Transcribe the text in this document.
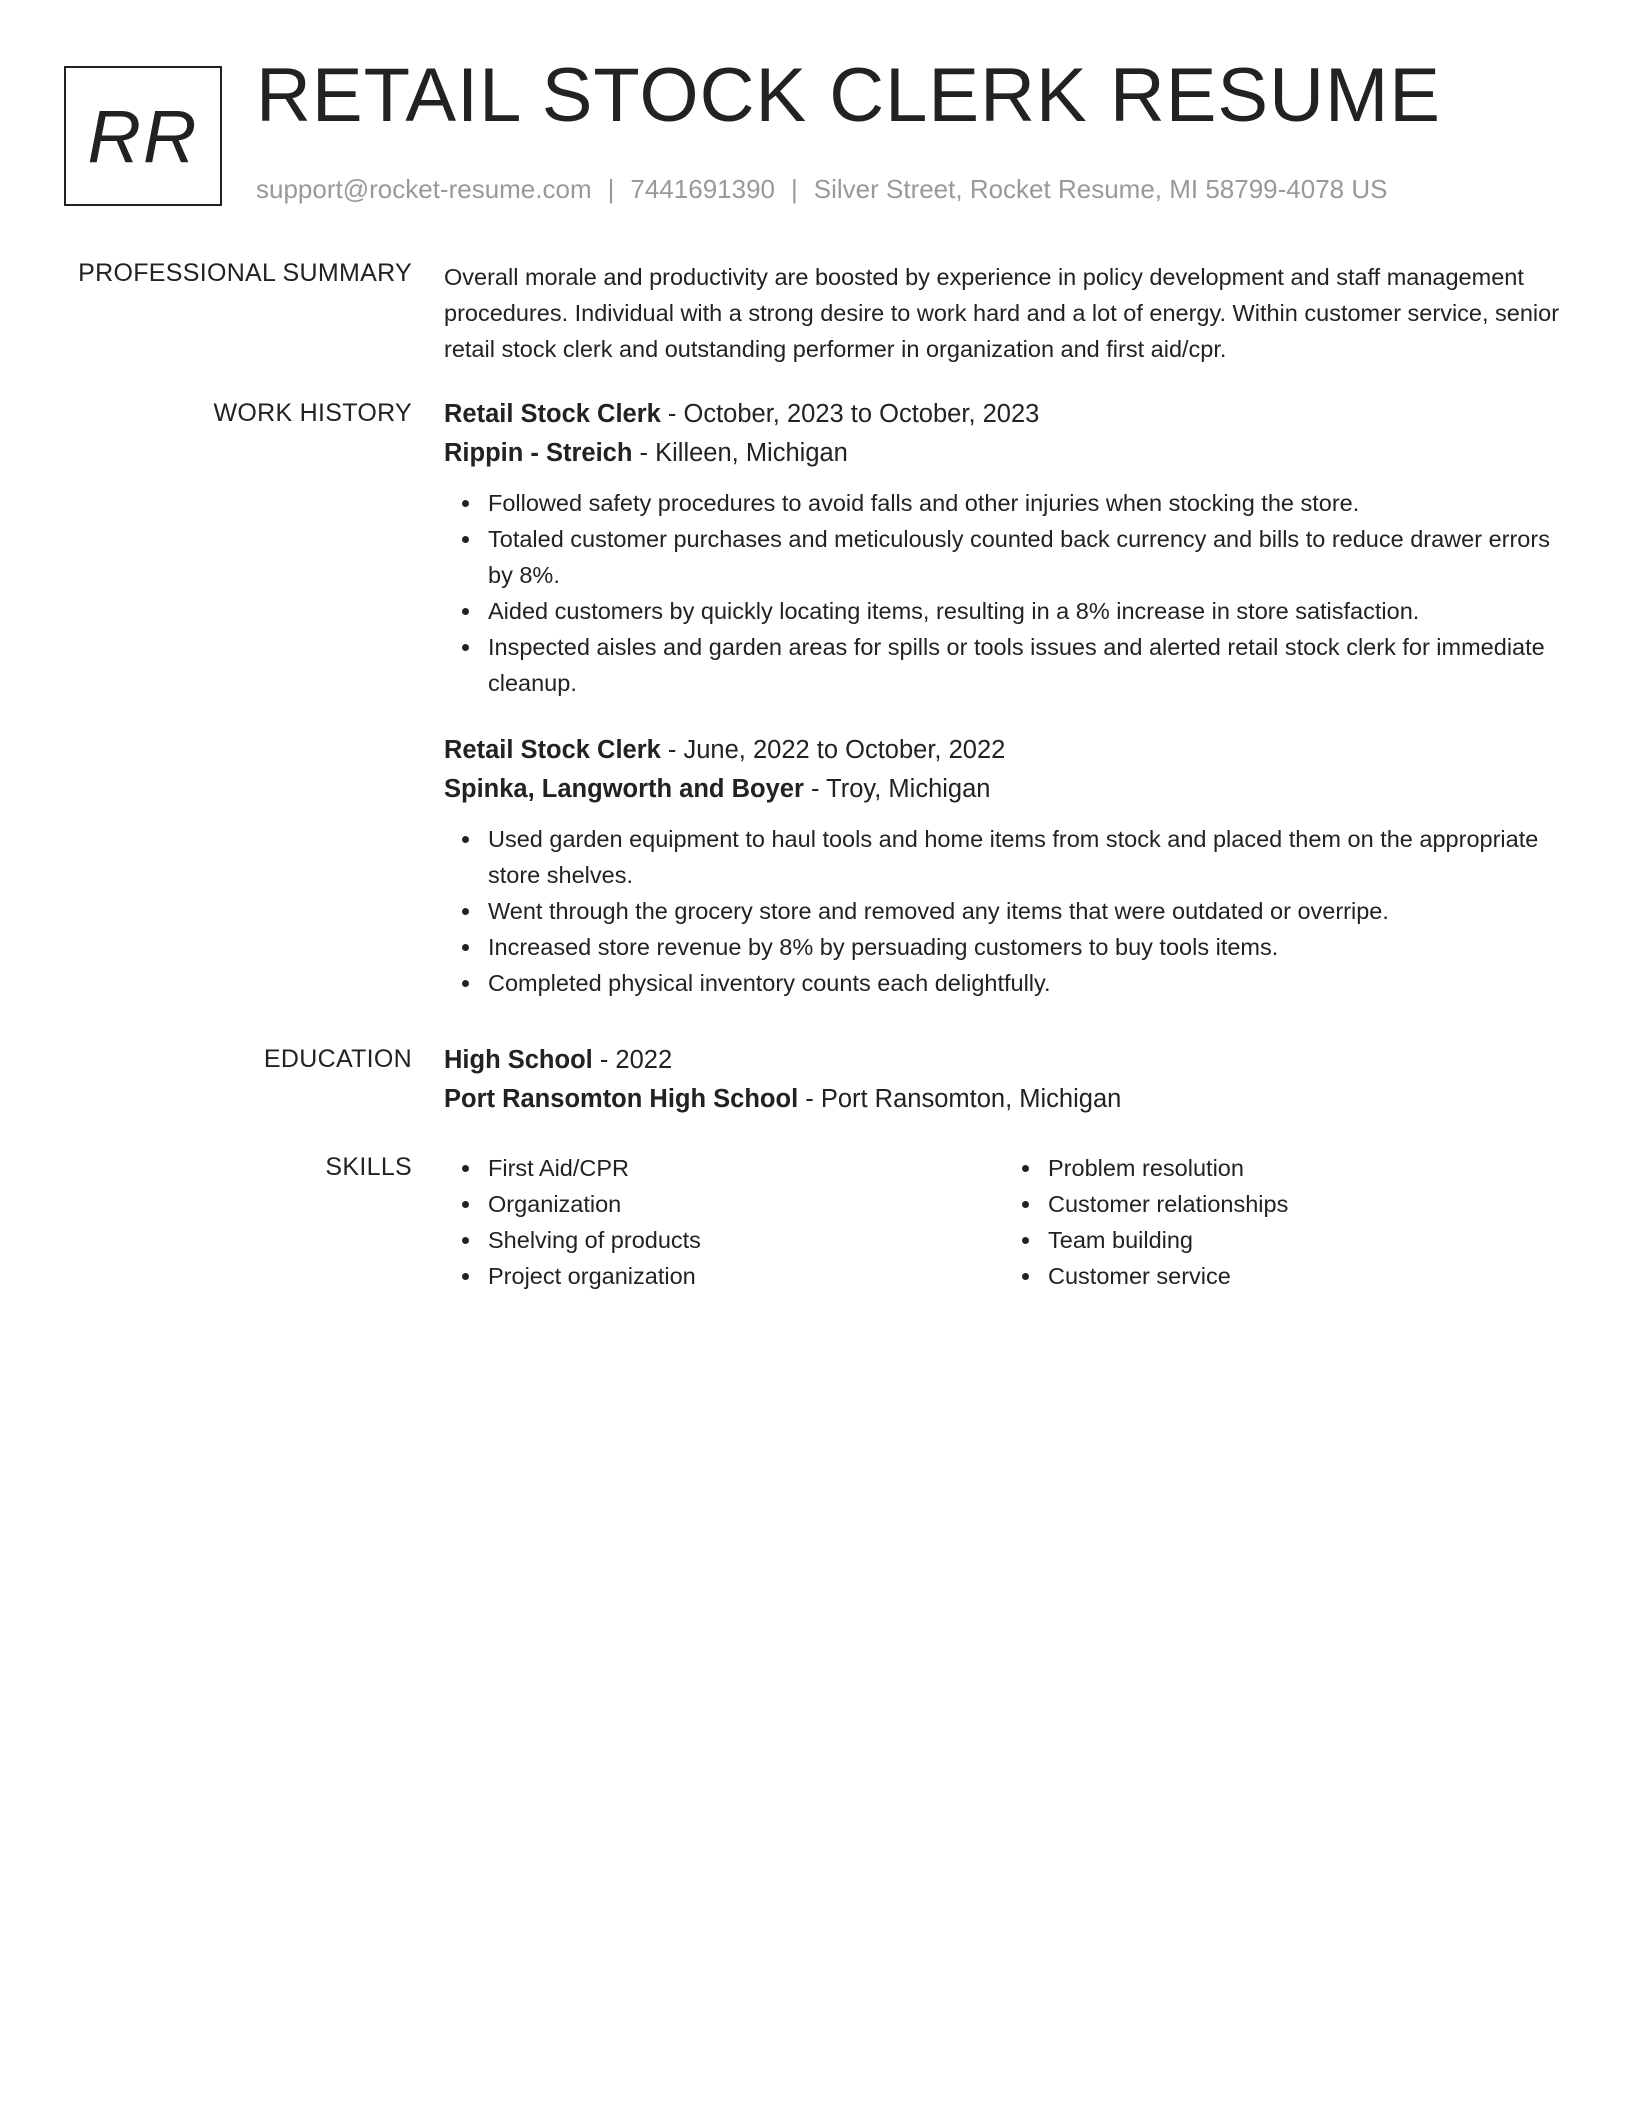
RR RETAIL STOCK CLERK RESUME
support@rocket-resume.com | 7441691390 | Silver Street, Rocket Resume, MI 58799-4078 US
PROFESSIONAL SUMMARY Overall morale and productivity are boosted by experience in policy development and staff management procedures. Individual with a strong desire to work hard and a lot of energy. Within customer service, senior retail stock clerk and outstanding performer in organization and first aid/cpr.

WORK HISTORY Retail Stock Clerk - October, 2023 to October, 2023
Rippin - Streich - Killeen, Michigan
Followed safety procedures to avoid falls and other injuries when stocking the store.
Totaled customer purchases and meticulously counted back currency and bills to reduce drawer errors by 8%.
Aided customers by quickly locating items, resulting in a 8% increase in store satisfaction.
Inspected aisles and garden areas for spills or tools issues and alerted retail stock clerk for immediate cleanup.
Retail Stock Clerk - June, 2022 to October, 2022
Spinka, Langworth and Boyer - Troy, Michigan
Used garden equipment to haul tools and home items from stock and placed them on the appropriate store shelves.
Went through the grocery store and removed any items that were outdated or overripe.
Increased store revenue by 8% by persuading customers to buy tools items.
Completed physical inventory counts each delightfully.
EDUCATION High School - 2022
Port Ransomton High School - Port Ransomton, Michigan
SKILLS	First Aid/CPR
Organization
Shelving of products
Project organization
Problem resolution
Customer relationships
Team building
Customer service
